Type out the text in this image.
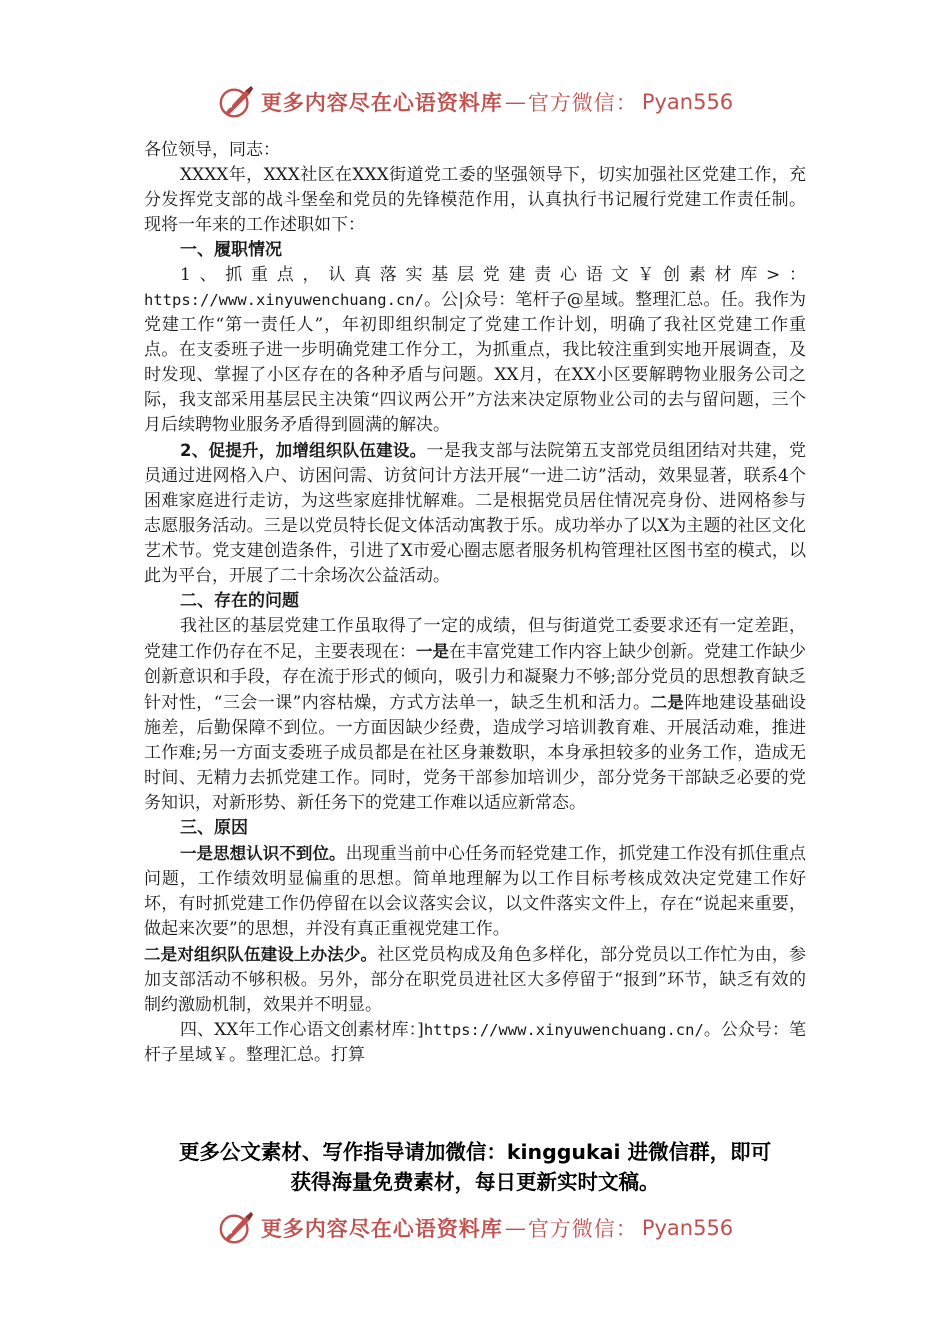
更多内容尽在心语资料库 — 官方微信： Pyan556

各位领导，同志：

XXXX年，XXX社区在XXX街道党工委的坚强领导下，切实加强社区党建工作，充分发挥党支部的战斗堡垒和党员的先锋模范作用，认真执行书记履行党建工作责任制。现将一年来的工作述职如下：

一、履职情况

1、抓重点，认真落实基层党建责心语文￥创素材库>：https://www.xinyuwenchuang.cn/。公|众号：笔杆子@星域。整理汇总。任。我作为党建工作“第一责任人”，年初即组织制定了党建工作计划，明确了我社区党建工作重点。在支委班子进一步明确党建工作分工，为抓重点，我比较注重到实地开展调查，及时发现、掌握了小区存在的各种矛盾与问题。XX月，在XX小区要解聘物业服务公司之际，我支部采用基层民主决策“四议两公开”方法来决定原物业公司的去与留问题，三个月后续聘物业服务矛盾得到圆满的解决。

2、促提升，加增组织队伍建设。一是我支部与法院第五支部党员组团结对共建，党员通过进网格入户、访困问需、访贫问计方法开展“一进二访”活动，效果显著，联系4个困难家庭进行走访，为这些家庭排忧解难。二是根据党员居住情况亮身份、进网格参与志愿服务活动。三是以党员特长促文体活动寓教于乐。成功举办了以X为主题的社区文化艺术节。党支建创造条件，引进了X市爱心圈志愿者服务机构管理社区图书室的模式，以此为平台，开展了二十余场次公益活动。

二、存在的问题

我社区的基层党建工作虽取得了一定的成绩，但与街道党工委要求还有一定差距，党建工作仍存在不足，主要表现在：一是在丰富党建工作内容上缺少创新。党建工作缺少创新意识和手段，存在流于形式的倾向，吸引力和凝聚力不够;部分党员的思想教育缺乏针对性，“三会一课”内容枯燥，方式方法单一，缺乏生机和活力。二是阵地建设基础设施差，后勤保障不到位。一方面因缺少经费，造成学习培训教育难、开展活动难，推进工作难;另一方面支委班子成员都是在社区身兼数职，本身承担较多的业务工作，造成无时间、无精力去抓党建工作。同时，党务干部参加培训少，部分党务干部缺乏必要的党务知识，对新形势、新任务下的党建工作难以适应新常态。

三、原因

一是思想认识不到位。出现重当前中心任务而轻党建工作，抓党建工作没有抓住重点问题，工作绩效明显偏重的思想。简单地理解为以工作目标考核成效决定党建工作好坏，有时抓党建工作仍停留在以会议落实会议，以文件落实文件上，存在“说起来重要，做起来次要”的思想，并没有真正重视党建工作。

二是对组织队伍建设上办法少。社区党员构成及角色多样化，部分党员以工作忙为由，参加支部活动不够积极。另外，部分在职党员进社区大多停留于“报到”环节，缺乏有效的制约激励机制，效果并不明显。

四、XX年工作心语文创素材库：]https://www.xinyuwenchuang.cn/。公众号：笔杆子星域￥。整理汇总。打算

更多公文素材、写作指导请加微信：kinggukai 进微信群，即可
获得海量免费素材，每日更新实时文稿。
更多内容尽在心语资料库 — 官方微信： Pyan556
